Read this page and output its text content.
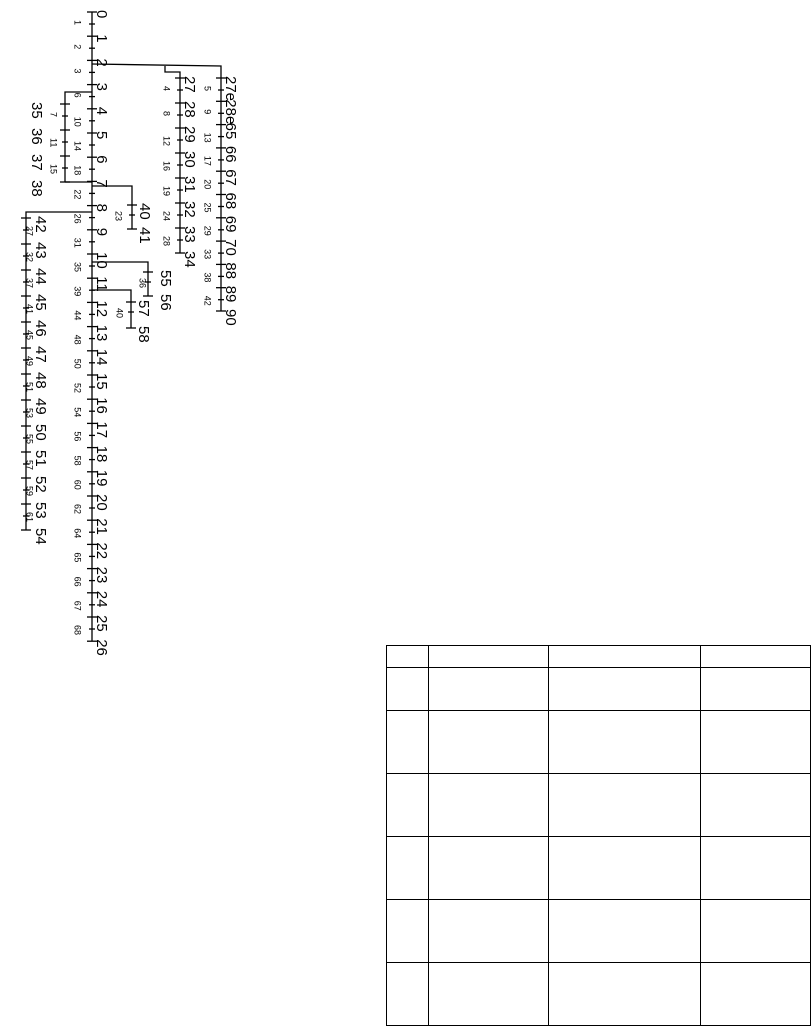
0
1
2
3
4
5
6
7
8
9
10
11
12
13
14
15
16
17
18
19
20
21
22
23
24
25
26
1
2
3
6
10
14
18
22
26
31
35
39
44
48
50
52
54
56
58
60
62
64
65
66
67
68
27e
28e
65
66
67
68
69
70
88
89
90
5
9
13
17
20
25
29
33
38
42
27
28
29
30
31
32
33
34
4
8
12
16
19
24
28
35
36
37
38
7
11
15
40
41
23
42
43
44
45
46
47
48
49
50
51
52
53
54
27
32
37
41
45
49
51
53
55
57
59
61
55
56
36
57
58
40
